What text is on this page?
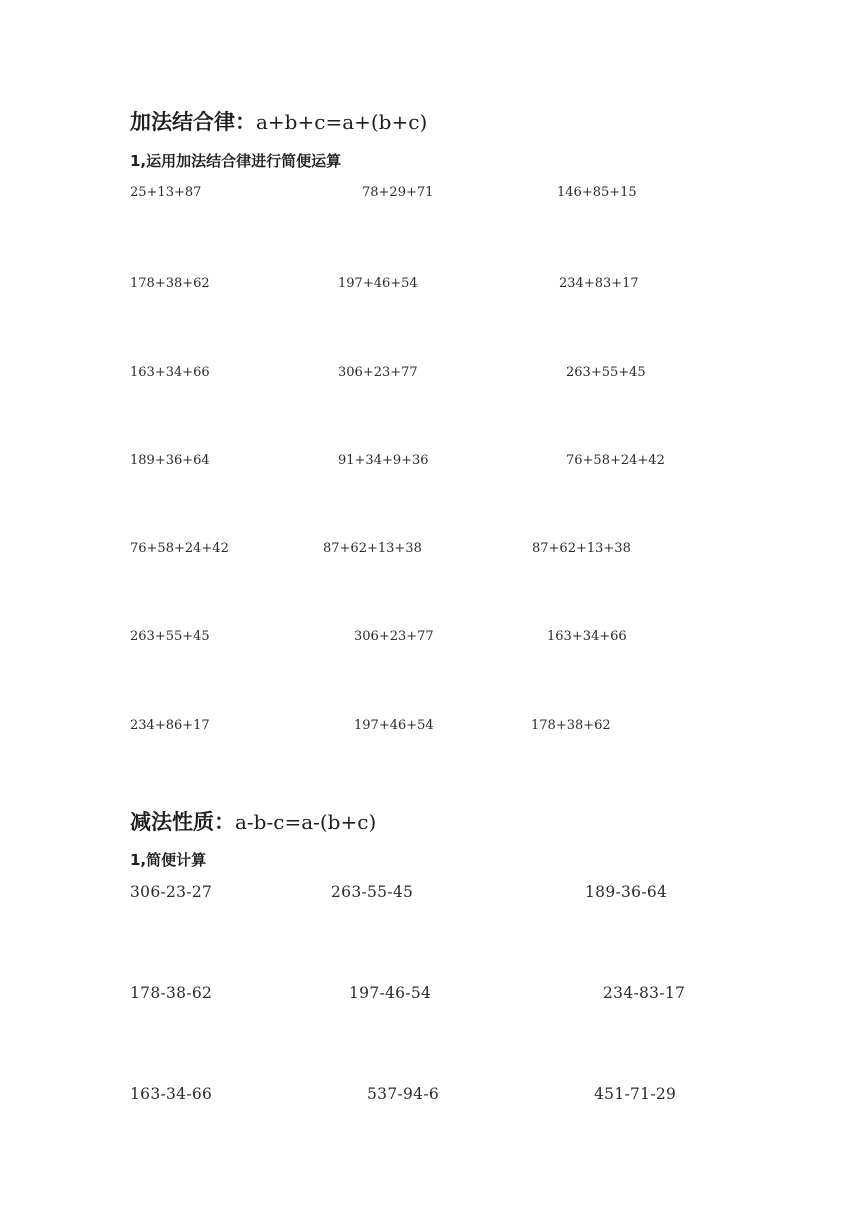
加法结合律：a+b+c=a+(b+c)
1,运用加法结合律进行简便运算
25+13+87	78+29+71	146+85+15
178+38+62	197+46+54	234+83+17
163+34+66	306+23+77	263+55+45
189+36+64	91+34+9+36	76+58+24+42
76+58+24+42	87+62+13+38	87+62+13+38
263+55+45	306+23+77	163+34+66
234+86+17	197+46+54	178+38+62
减法性质：a-b-c=a-(b+c)
1,简便计算
306-23-27	263-55-45	189-36-64
178-38-62	197-46-54	234-83-17
163-34-66	537-94-6	451-71-29
